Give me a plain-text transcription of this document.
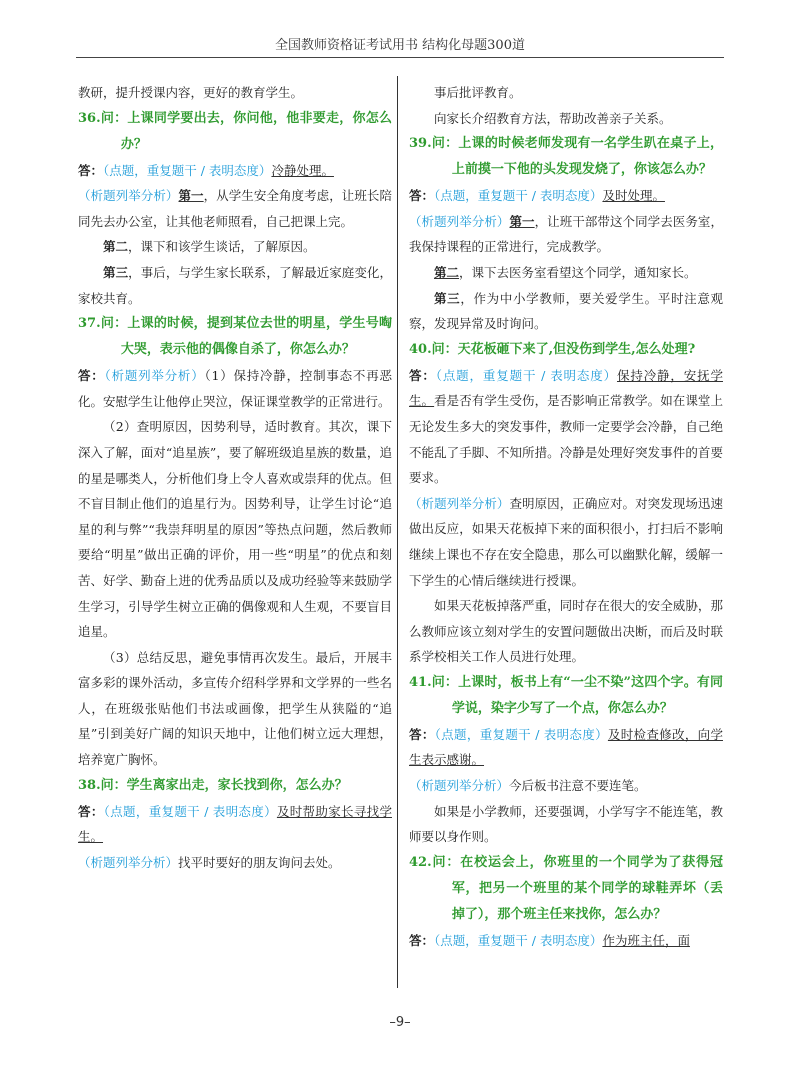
全国教师资格证考试用书 结构化母题300道

教研，提升授课内容，更好的教育学生。

36.问：上课同学要出去，你问他，他非要走，你怎么办？

答：（点题，重复题干 / 表明态度）冷静处理。

（析题列举分析）第一，从学生安全角度考虑，让班长陪同先去办公室，让其他老师照看，自己把课上完。

第二，课下和该学生谈话，了解原因。

第三，事后，与学生家长联系，了解最近家庭变化，家校共育。

37.问：上课的时候，提到某位去世的明星，学生号啕大哭，表示他的偶像自杀了，你怎么办？

答：（析题列举分析）（1）保持冷静，控制事态不再恶化。安慰学生让他停止哭泣，保证课堂教学的正常进行。

（2）查明原因，因势利导，适时教育。其次，课下深入了解，面对“追星族”，要了解班级追星族的数量，追的星是哪类人，分析他们身上令人喜欢或崇拜的优点。但不盲目制止他们的追星行为。因势利导，让学生讨论“追星的利与弊”“我崇拜明星的原因”等热点问题，然后教师要给“明星”做出正确的评价，用一些“明星”的优点和刻苦、好学、勤奋上进的优秀品质以及成功经验等来鼓励学生学习，引导学生树立正确的偶像观和人生观，不要盲目追星。

（3）总结反思，避免事情再次发生。最后，开展丰富多彩的课外活动，多宣传介绍科学界和文学界的一些名人，在班级张贴他们书法或画像，把学生从狭隘的“追星”引到美好广阔的知识天地中，让他们树立远大理想，培养宽广胸怀。

38.问：学生离家出走，家长找到你，怎么办？

答：（点题，重复题干 / 表明态度）及时帮助家长寻找学生。

（析题列举分析）找平时要好的朋友询问去处。

事后批评教育。

向家长介绍教育方法，帮助改善亲子关系。

39.问：上课的时候老师发现有一名学生趴在桌子上，上前摸一下他的头发现发烧了，你该怎么办？

答：（点题，重复题干 / 表明态度）及时处理。

（析题列举分析）第一，让班干部带这个同学去医务室，我保持课程的正常进行，完成教学。

第二，课下去医务室看望这个同学，通知家长。

第三，作为中小学教师，要关爱学生。平时注意观察，发现异常及时询问。

40.问：天花板砸下来了,但没伤到学生,怎么处理?

答：（点题，重复题干 / 表明态度）保持冷静，安抚学生。看是否有学生受伤，是否影响正常教学。如在课堂上无论发生多大的突发事件，教师一定要学会冷静，自己绝不能乱了手脚、不知所措。冷静是处理好突发事件的首要要求。

（析题列举分析）查明原因，正确应对。对突发现场迅速做出反应，如果天花板掉下来的面积很小，打扫后不影响继续上课也不存在安全隐患，那么可以幽默化解，缓解一下学生的心情后继续进行授课。

如果天花板掉落严重，同时存在很大的安全威胁，那么教师应该立刻对学生的安置问题做出决断，而后及时联系学校相关工作人员进行处理。

41.问：上课时，板书上有“一尘不染”这四个字。有同学说，染字少写了一个点，你怎么办？

答：（点题，重复题干 / 表明态度）及时检查修改，向学生表示感谢。

（析题列举分析）今后板书注意不要连笔。

如果是小学教师，还要强调，小学写字不能连笔，教师要以身作则。

42.问：在校运会上，你班里的一个同学为了获得冠军，把另一个班里的某个同学的球鞋弄坏（丢掉了），那个班主任来找你，怎么办？

答：（点题，重复题干 / 表明态度）作为班主任，面

–9–
